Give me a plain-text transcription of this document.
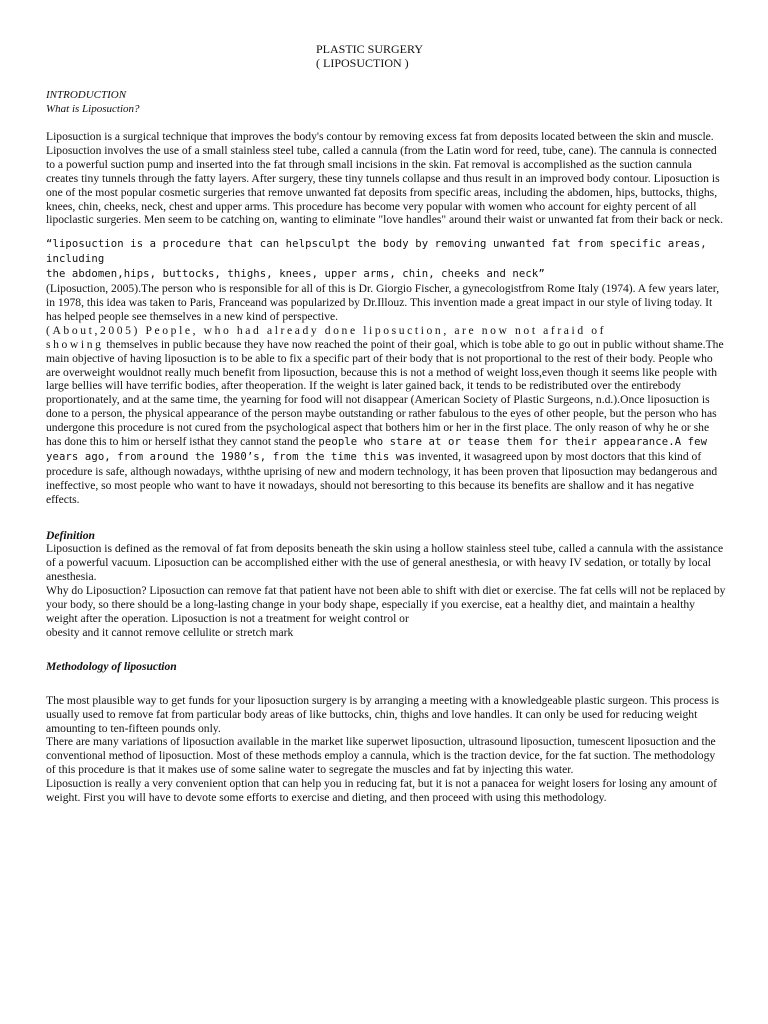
PLASTIC SURGERY
( LIPOSUCTION )
INTRODUCTION
What is Liposuction?

Liposuction is a surgical technique that improves the body's contour by removing excess fat from deposits located between the skin and muscle. Liposuction involves the use of a small stainless steel tube, called a cannula (from the Latin word for reed, tube, cane). The cannula is connected to a powerful suction pump and inserted into the fat through small incisions in the skin. Fat removal is accomplished as the suction cannula creates tiny tunnels through the fatty layers. After surgery, these tiny tunnels collapse and thus result in an improved body contour. Liposuction is one of the most popular cosmetic surgeries that remove unwanted fat deposits from specific areas, including the abdomen, hips, buttocks, thighs, knees, chin, cheeks, neck, chest and upper arms. This procedure has become very popular with women who account for eighty percent of all lipoclastic surgeries. Men seem to be catching on, wanting to eliminate "love handles" around their waist or unwanted fat from their back or neck.

“liposuction is a procedure that can helpsculpt the body by removing unwanted fat from specific areas, including
the abdomen,hips, buttocks, thighs, knees, upper arms, chin, cheeks and neck”
(Liposuction, 2005).The person who is responsible for all of this is Dr. Giorgio Fischer, a gynecologistfrom Rome Italy (1974). A few years later, in 1978, this idea was taken to Paris, Franceand was popularized by Dr.Illouz. This invention made a great impact in our style of living today. It has helped people see themselves in a new kind of perspective.
(About,2005) People, who had already done liposuction, are now not afraid of
showing themselves in public because they have now reached the point of their goal, which is tobe able to go out in public without shame.The main objective of having liposuction is to be able to fix a specific part of their body that is not proportional to the rest of their body. People who are overweight wouldnot really much benefit from liposuction, because this is not a method of weight loss,even though it seems like people with large bellies will have terrific bodies, after theoperation. If the weight is later gained back, it tends to be redistributed over the entirebody proportionately, and at the same time, the yearning for food will not disappear (American Society of Plastic Surgeons, n.d.).Once liposuction is done to a person, the physical appearance of the person maybe outstanding or rather fabulous to the eyes of other people, but the person who has undergone this procedure is not cured from the psychological aspect that bothers him or her in the first place. The only reason of why he or she has done this to him or herself isthat they cannot stand the people who stare at or tease them for their appearance.A few years ago, from around the 1980’s, from the time this was invented, it wasagreed upon by most doctors that this kind of procedure is safe, although nowadays, withthe uprising of new and modern technology, it has been proven that liposuction may bedangerous and ineffective, so most people who want to have it nowadays, should not beresorting to this because its benefits are shallow and it has negative effects.

Definition

Liposuction is defined as the removal of fat from deposits beneath the skin using a hollow stainless steel tube, called a cannula with the assistance of a powerful vacuum. Liposuction can be accomplished either with the use of general anesthesia, or with heavy IV sedation, or totally by local anesthesia.

Why do Liposuction? Liposuction can remove fat that patient have not been able to shift with diet or exercise. The fat cells will not be replaced by your body, so there should be a long-lasting change in your body shape, especially if you exercise, eat a healthy diet, and maintain a healthy weight after the operation. Liposuction is not a treatment for weight control or

obesity and it cannot remove cellulite or stretch mark

Methodology of liposuction

The most plausible way to get funds for your liposuction surgery is by arranging a meeting with a knowledgeable plastic surgeon. This process is usually used to remove fat from particular body areas of like buttocks, chin, thighs and love handles. It can only be used for reducing weight amounting to ten-fifteen pounds only.

There are many variations of liposuction available in the market like superwet liposuction, ultrasound liposuction, tumescent liposuction and the conventional method of liposuction. Most of these methods employ a cannula, which is the traction device, for the fat suction. The methodology of this procedure is that it makes use of some saline water to segregate the muscles and fat by injecting this water.

Liposuction is really a very convenient option that can help you in reducing fat, but it is not a panacea for weight losers for losing any amount of weight. First you will have to devote some efforts to exercise and dieting, and then proceed with using this methodology.
